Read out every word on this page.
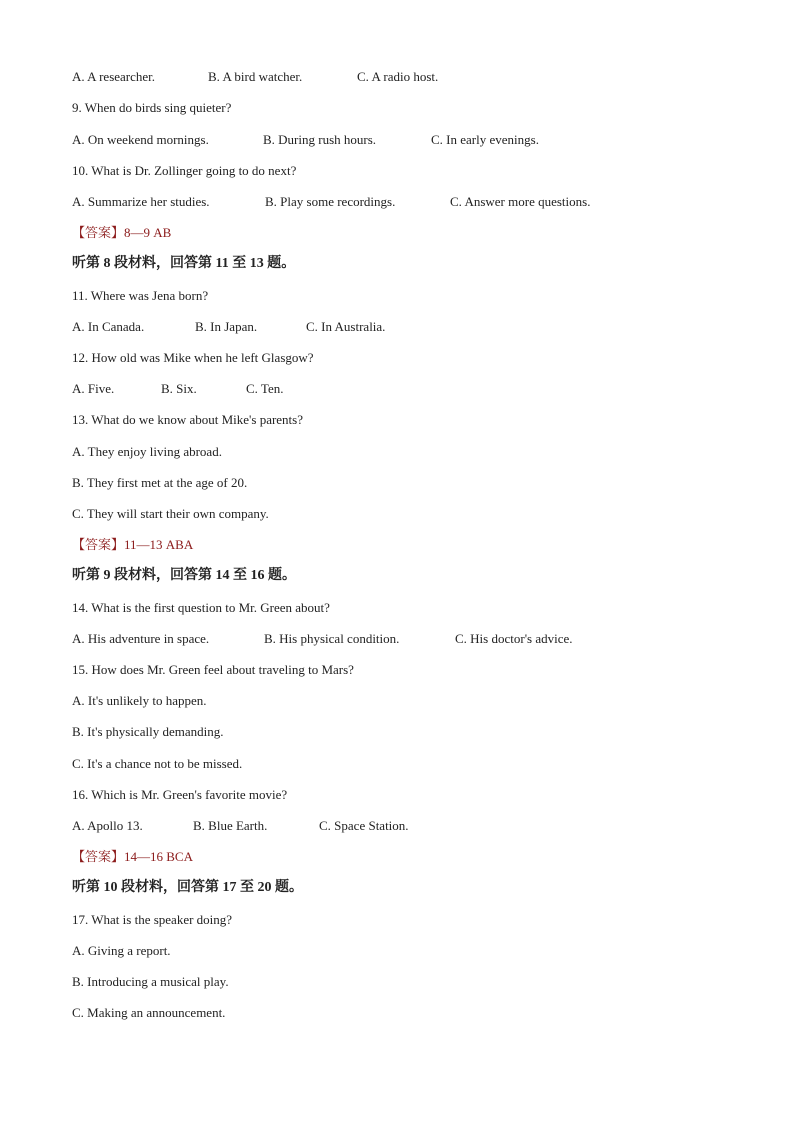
A. A researcher.	B. A bird watcher.	C. A radio host.
9. When do birds sing quieter?
A. On weekend mornings.	B. During rush hours.	C. In early evenings.
10. What is Dr. Zollinger going to do next?
A. Summarize her studies.	B. Play some recordings.	C. Answer more questions.
【答案】8—9 AB
听第 8 段材料，回答第 11 至 13 题。
11. Where was Jena born?
A. In Canada.	B. In Japan.	C. In Australia.
12. How old was Mike when he left Glasgow?
A. Five.	B. Six.	C. Ten.
13. What do we know about Mike's parents?
A. They enjoy living abroad.
B. They first met at the age of 20.
C. They will start their own company.
【答案】11—13 ABA
听第 9 段材料，回答第 14 至 16 题。
14. What is the first question to Mr. Green about?
A. His adventure in space.	B. His physical condition.	C. His doctor's advice.
15. How does Mr. Green feel about traveling to Mars?
A. It's unlikely to happen.
B. It's physically demanding.
C. It's a chance not to be missed.
16. Which is Mr. Green's favorite movie?
A. Apollo 13.	B. Blue Earth.	C. Space Station.
【答案】14—16 BCA
听第 10 段材料，回答第 17 至 20 题。
17. What is the speaker doing?
A. Giving a report.
B. Introducing a musical play.
C. Making an announcement.
